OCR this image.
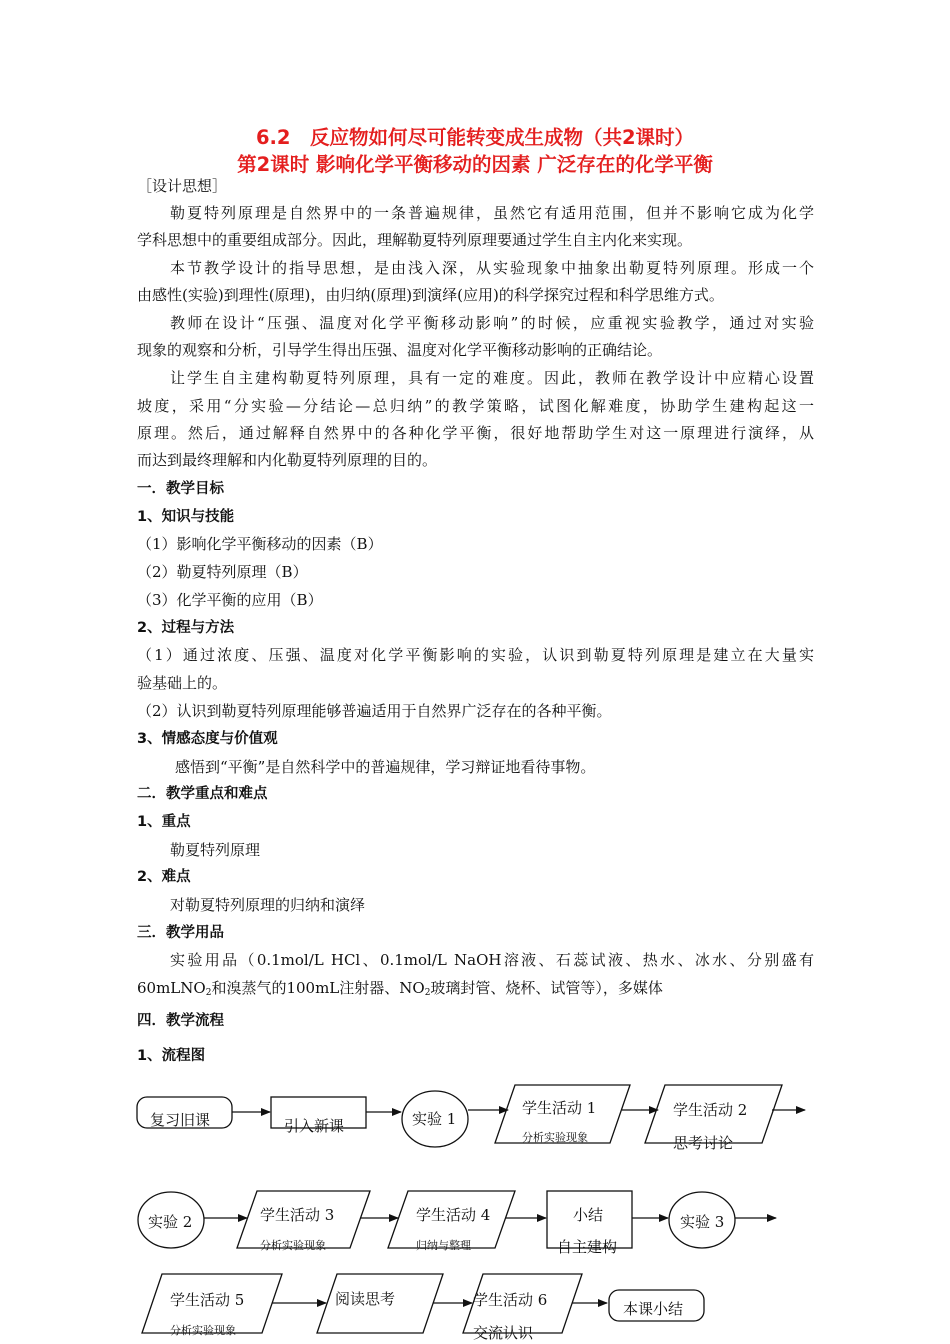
6.2　反应物如何尽可能转变成生成物（共2课时）
第2课时 影响化学平衡移动的因素 广泛存在的化学平衡
［设计思想］
勒夏特列原理是自然界中的一条普遍规律，虽然它有适用范围，但并不影响它成为化学
学科思想中的重要组成部分。因此，理解勒夏特列原理要通过学生自主内化来实现。
本节教学设计的指导思想，是由浅入深，从实验现象中抽象出勒夏特列原理。形成一个
由感性(实验)到理性(原理)，由归纳(原理)到演绎(应用)的科学探究过程和科学思维方式。
教师在设计“压强、温度对化学平衡移动影响”的时候，应重视实验教学，通过对实验
现象的观察和分析，引导学生得出压强、温度对化学平衡移动影响的正确结论。
让学生自主建构勒夏特列原理，具有一定的难度。因此，教师在教学设计中应精心设置
坡度，采用“分实验—分结论—总归纳”的教学策略，试图化解难度，协助学生建构起这一
原理。然后，通过解释自然界中的各种化学平衡，很好地帮助学生对这一原理进行演绎，从
而达到最终理解和内化勒夏特列原理的目的。
一．教学目标
1、知识与技能
（1）影响化学平衡移动的因素（B）
（2）勒夏特列原理（B）
（3）化学平衡的应用（B）
2、过程与方法
（1）通过浓度、压强、温度对化学平衡影响的实验，认识到勒夏特列原理是建立在大量实
验基础上的。
（2）认识到勒夏特列原理能够普遍适用于自然界广泛存在的各种平衡。
3、情感态度与价值观
感悟到“平衡”是自然科学中的普遍规律，学习辩证地看待事物。
二．教学重点和难点
1、重点
勒夏特列原理
2、难点
对勒夏特列原理的归纳和演绎
三．教学用品
实验用品（0.1mol/L HCl、0.1mol/L NaOH溶液、石蕊试液、热水、冰水、分别盛有
60mLNO$_2$和溴蒸气的100mL注射器、$NO_2$玻璃封管、烧杯、试管等），多媒体
四．教学流程
1、流程图
复习旧课	引入新课	实验 1
学生活动 1
分析实验现象
学生活动 2
思考讨论
实验 2	学生活动 3
分析实验现象
学生活动 4
归纳与整理
小结
自主建构
实验 3
学生活动 5
分析实验现象
阅读思考	学生活动 6
交流认识
本课小结
